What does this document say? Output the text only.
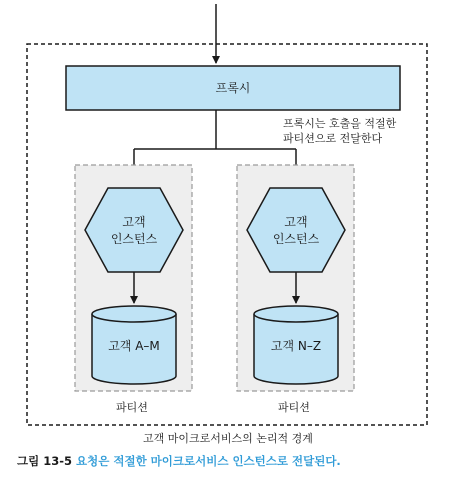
프록시
프록시는 호출을 적절한
파티션으로 전달한다
고객
인스턴스
고객 A–M
파티션
고객
인스턴스
고객 N–Z
파티션
고객 마이크로서비스의 논리적 경계
그림 13-5 요청은 적절한 마이크로서비스 인스턴스로 전달된다.
